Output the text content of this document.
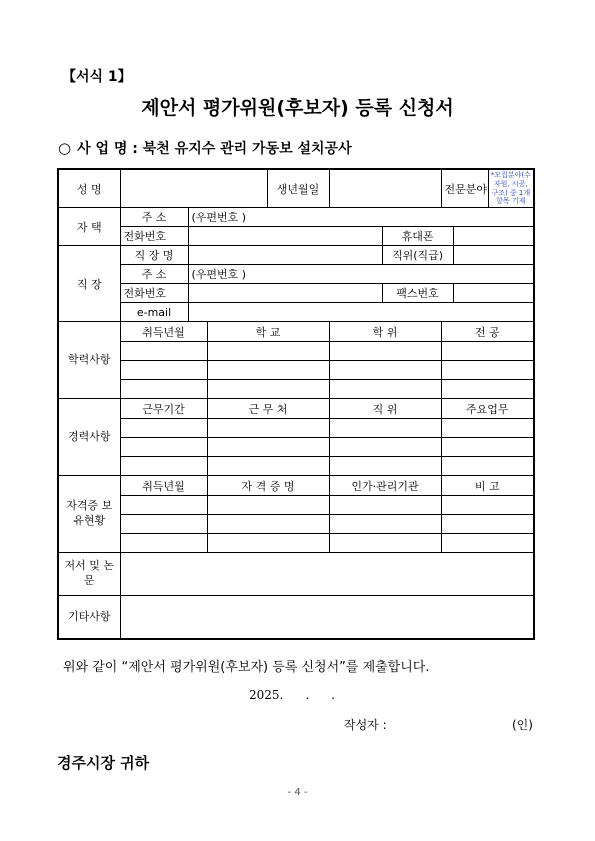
【서식 1】
제안서 평가위원(후보자) 등록 신청서
○ 사 업 명 : 북천 유지수 관리 가동보 설치공사
성 명				생년월일			전문분야		*모집분야(수자원, 시공, 구조) 중 1개 항목 기재
자 택	주 소	(우편번호 )							
	전화번호					휴대폰			
직 장	직 장 명					직위(직급)			
	주 소	(우편번호 )							
	전화번호					팩스번호			
	e-mail								
학력사항	취득년월		학 교		학 위		전 공		

경력사항	근무기간		근 무 처		직 위		주요업무		

자격증 보유현황	취득년월		자 격 증 명		인가·관리기관		비 고		

저서 및 논문									
기타사항									
위와 같이 “제안서 평가위원(후보자) 등록 신청서”를 제출합니다.
2025. . .
작성자 :	(인)
경주시장 귀하
- 4 -
